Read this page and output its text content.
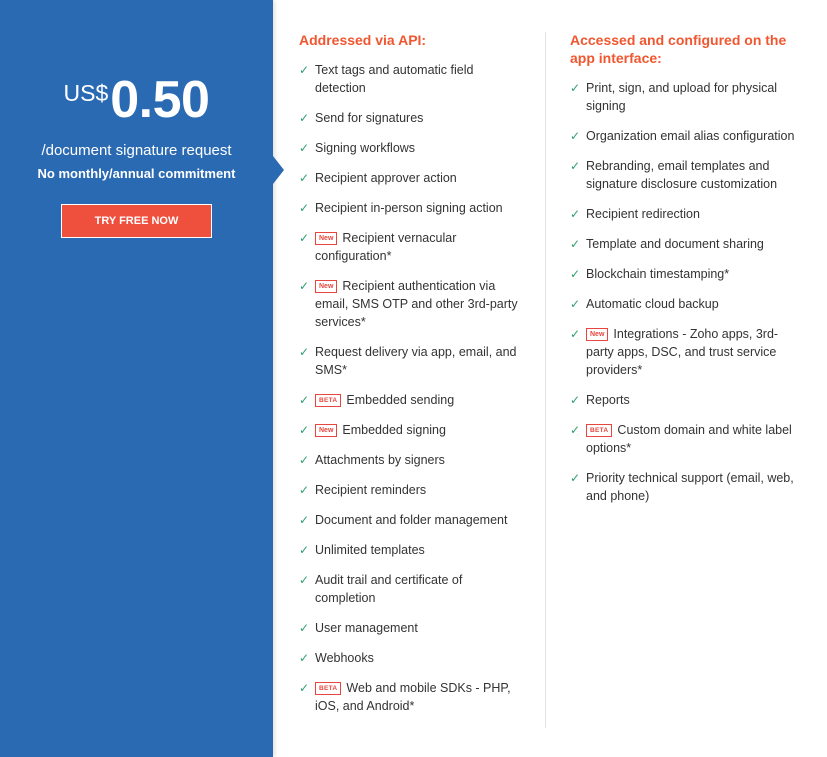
US$0.50
/document signature request
No monthly/annual commitment
TRY FREE NOW
Addressed via API:	Accessed and configured on the app interface:
✓ Text tags and automatic field detection
✓ Send for signatures
✓ Signing workflows
✓ Recipient approver action
✓ Recipient in-person signing action
✓	New Recipient vernacular configuration*
✓	New Recipient authentication via email, SMS OTP and other 3rd-party services*
✓ Request delivery via app, email, and SMS*
✓	BETA Embedded sending
✓	New Embedded signing
✓ Attachments by signers
✓ Recipient reminders
✓ Document and folder management
✓ Unlimited templates
✓ Audit trail and certificate of completion
✓ User management
✓ Webhooks
✓	BETA Web and mobile SDKs - PHP, iOS, and Android*
✓ Print, sign, and upload for physical signing
✓ Organization email alias configuration
✓ Rebranding, email templates and signature disclosure customization
✓ Recipient redirection
✓ Template and document sharing
✓ Blockchain timestamping*
✓ Automatic cloud backup
✓	New Integrations - Zoho apps, 3rd-party apps, DSC, and trust service providers*
✓ Reports
✓	BETA Custom domain and white label options*
✓ Priority technical support (email, web, and phone)
